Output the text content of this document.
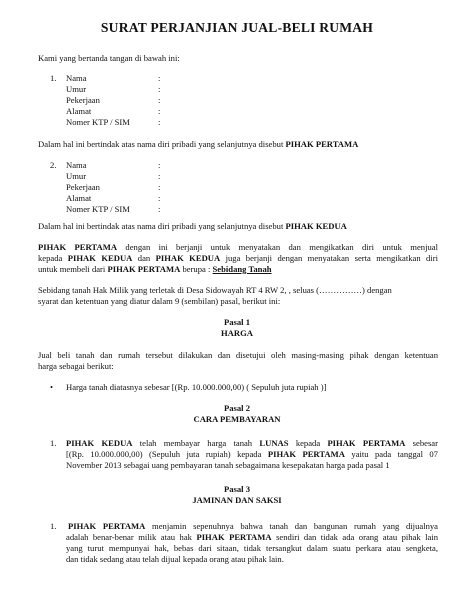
SURAT PERJANJIAN JUAL-BELI RUMAH
Kami yang bertanda tangan di bawah ini:
1. Nama
Umur
Pekerjaan
Alamat
Nomer KTP / SIM
:
:
:
:
:
Dalam hal ini bertindak atas nama diri pribadi yang selanjutnya disebut PIHAK PERTAMA
2. Nama
Umur
Pekerjaan
Alamat
Nomer KTP / SIM
:
:
:
:
:
Dalam hal ini bertindak atas nama diri pribadi yang selanjutnya disebut PIHAK KEDUA
PIHAK PERTAMA dengan ini berjanji untuk menyatakan dan mengikatkan diri untuk menjual
kepada PIHAK KEDUA dan PIHAK KEDUA juga berjanji dengan menyatakan serta mengikatkan diri
untuk membeli dari PIHAK PERTAMA berupa : Sebidang Tanah
Sebidang tanah Hak Milik yang terletak di Desa Sidowayah RT 4 RW 2, , seluas (……………) dengan
syarat dan ketentuan yang diatur dalam 9 (sembilan) pasal, berikut ini:
Pasal 1
HARGA
Jual beli tanah dan rumah tersebut dilakukan dan disetujui oleh masing-masing pihak dengan ketentuan
harga sebagai berikut:
• Harga tanah diatasnya sebesar [(Rp. 10.000.000,00) ( Sepuluh juta rupiah )]
Pasal 2
CARA PEMBAYARAN
1. PIHAK KEDUA telah membayar harga tanah LUNAS kepada PIHAK PERTAMA sebesar
[(Rp. 10.000.000,00) (Sepuluh juta rupiah) kepada PIHAK PERTAMA yaitu pada tanggal 07
November 2013 sebagai uang pembayaran tanah sebagaimana kesepakatan harga pada pasal 1
Pasal 3
JAMINAN DAN SAKSI
1. PIHAK PERTAMA menjamin sepenuhnya bahwa tanah dan bangunan rumah yang dijualnya
adalah benar-benar milik atau hak PIHAK PERTAMA sendiri dan tidak ada orang atau pihak lain
yang turut mempunyai hak, bebas dari sitaan, tidak tersangkut dalam suatu perkara atau sengketa,
dan tidak sedang atau telah dijual kepada orang atau pihak lain.
